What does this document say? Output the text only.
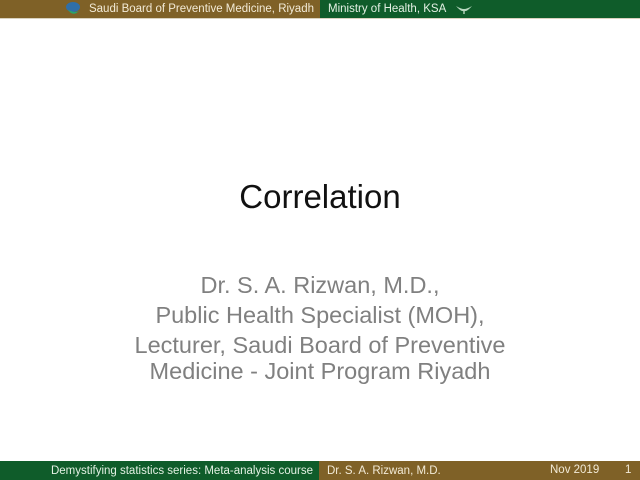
Saudi Board of Preventive Medicine, Riyadh Ministry of Health, KSA
Correlation
Dr. S. A. Rizwan, M.D.,
Public Health Specialist (MOH),
Lecturer, Saudi Board of Preventive
Medicine - Joint Program Riyadh
Demystifying statistics series: Meta-analysis course Dr. S. A. Rizwan, M.D.	Nov 2019 1
